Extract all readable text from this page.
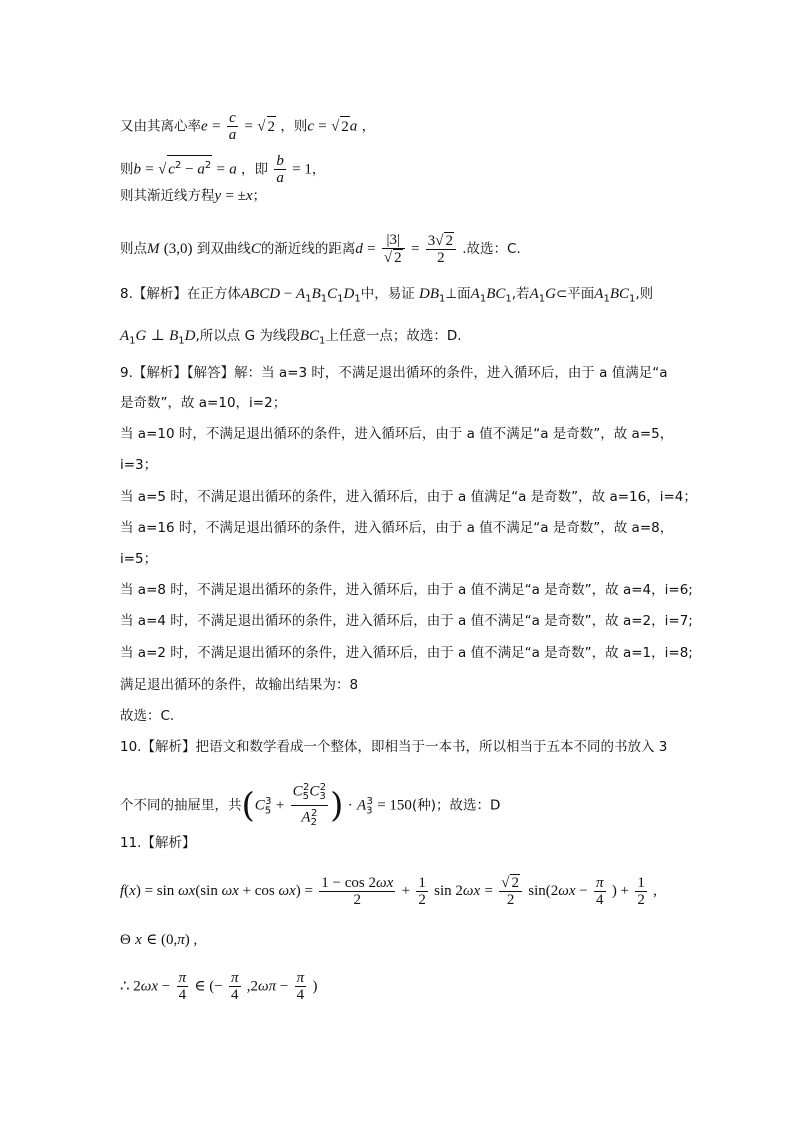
又由其离心率$e = \frac{c}{a}$ = √ 2 ，则c = √ 2a ，
则b = √ $c^2 - a^2 = a$ ，即 $\frac{b}{a} = 1$，
则其渐近线方程y = ±x；
则点M (3,0) 到双曲线C的渐近线的距离$d = \frac{|3|}{√ 2} = \frac{3√ 2}{2}$ .故选：C.
8.【解析】在正方体ABCD − $A_1B_1C_1D_1$中，易证 $DB_1\perp$面$A_1BC_1$,若$A_1G\subset$平面$A_1BC_1$,则
$A_1G$ ⊥ $B_1D$,所以点 G 为线段$BC_1$上任意一点；故选：D.
9.【解析】【解答】解：当 a=3 时，不满足退出循环的条件，进入循环后，由于 a 值满足“a
是奇数”，故 a=10，i=2；
当 a=10 时，不满足退出循环的条件，进入循环后，由于 a 值不满足“a 是奇数”，故 a=5，
i=3；
当 a=5 时，不满足退出循环的条件，进入循环后，由于 a 值满足“a 是奇数”，故 a=16，i=4；
当 a=16 时，不满足退出循环的条件，进入循环后，由于 a 值不满足“a 是奇数”，故 a=8，
i=5；
当 a=8 时，不满足退出循环的条件，进入循环后，由于 a 值不满足“a 是奇数”，故 a=4，i=6;
当 a=4 时，不满足退出循环的条件，进入循环后，由于 a 值不满足“a 是奇数”，故 a=2，i=7;
当 a=2 时，不满足退出循环的条件，进入循环后，由于 a 值不满足“a 是奇数”，故 a=1，i=8;
满足退出循环的条件，故输出结果为：8
故选：C.
10.【解析】把语文和数学看成一个整体，即相当于一本书，所以相当于五本不同的书放入 3
个不同的抽屉里，共($C_5^3 + \frac{C_5^2C_3^2}{A_2^2}$ ) · $A_3^3 = 150$(种)；故选：D
11.【解析】
f(x) = sin ωx(sin $\omega x + \cos \omega x) = \frac{1 - \cos 2\omega x}{2} + \frac{1}{2}$ $\sin 2\omega x = \frac{√ 2}{2} \sin(2\omega x - \frac{\pi}{4}$ ) + $\frac{1}{2}$ ,
Θ x ∈ (0,π) ,
∴ $2\omega x - \frac{\pi}{4}$ ∈ (− $\frac{\pi}{4} ,2\omega\pi - \frac{\pi}{4}$ )
